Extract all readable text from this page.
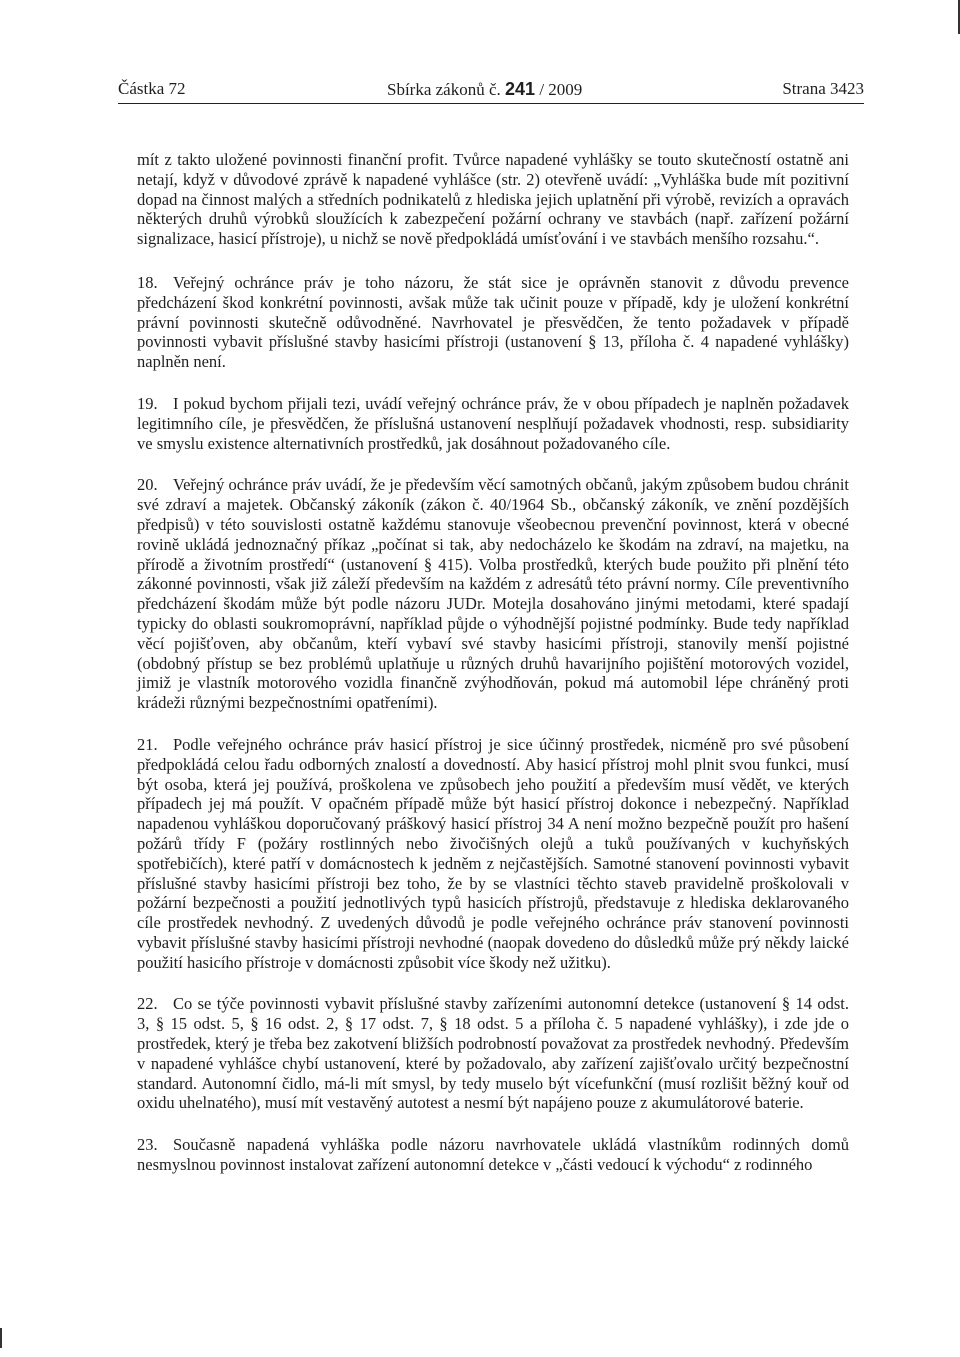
Částka 72	Sbírka zákonů č. 241 / 2009	Strana 3423

mít z takto uložené povinnosti finanční profit. Tvůrce napadené vyhlášky se touto skutečností ostatně ani netají, když v důvodové zprávě k napadené vyhlášce (str. 2) otevřeně uvádí: „Vyhláška bude mít pozitivní dopad na činnost malých a středních podnikatelů z hlediska jejich uplatnění při výrobě, revizích a opravách některých druhů výrobků sloužících k zabezpečení požární ochrany ve stavbách (např. zařízení požární signalizace, hasicí přístroje), u nichž se nově předpokládá umísťování i ve stavbách menšího rozsahu.“.

18. Veřejný ochránce práv je toho názoru, že stát sice je oprávněn stanovit z důvodu prevence předcházení škod konkrétní povinnosti, avšak může tak učinit pouze v případě, kdy je uložení konkrétní právní povinnosti skutečně odůvodněné. Navrhovatel je přesvědčen, že tento požadavek v případě povinnosti vybavit příslušné stavby hasicími přístroji (ustanovení § 13, příloha č. 4 napadené vyhlášky) naplněn není.

19. I pokud bychom přijali tezi, uvádí veřejný ochránce práv, že v obou případech je naplněn požadavek legitimního cíle, je přesvědčen, že příslušná ustanovení nesplňují požadavek vhodnosti, resp. subsidiarity ve smyslu existence alternativních prostředků, jak dosáhnout požadovaného cíle.

20. Veřejný ochránce práv uvádí, že je především věcí samotných občanů, jakým způsobem budou chránit své zdraví a majetek. Občanský zákoník (zákon č. 40/1964 Sb., občanský zákoník, ve znění pozdějších předpisů) v této souvislosti ostatně každému stanovuje všeobecnou prevenční povinnost, která v obecné rovině ukládá jednoznačný příkaz „počínat si tak, aby nedocházelo ke škodám na zdraví, na majetku, na přírodě a životním prostředí“ (ustanovení § 415). Volba prostředků, kterých bude použito při plnění této zákonné povinnosti, však již záleží především na každém z adresátů této právní normy. Cíle preventivního předcházení škodám může být podle názoru JUDr. Motejla dosahováno jinými metodami, které spadají typicky do oblasti soukromoprávní, například půjde o výhodnější pojistné podmínky. Bude tedy například věcí pojišťoven, aby občanům, kteří vybaví své stavby hasicími přístroji, stanovily menší pojistné (obdobný přístup se bez problémů uplatňuje u různých druhů havarijního pojištění motorových vozidel, jimiž je vlastník motorového vozidla finančně zvýhodňován, pokud má automobil lépe chráněný proti krádeži různými bezpečnostními opatřeními).

21. Podle veřejného ochránce práv hasicí přístroj je sice účinný prostředek, nicméně pro své působení předpokládá celou řadu odborných znalostí a dovedností. Aby hasicí přístroj mohl plnit svou funkci, musí být osoba, která jej používá, proškolena ve způsobech jeho použití a především musí vědět, ve kterých případech jej má použít. V opačném případě může být hasicí přístroj dokonce i nebezpečný. Například napadenou vyhláškou doporučovaný práškový hasicí přístroj 34 A není možno bezpečně použít pro hašení požárů třídy F (požáry rostlinných nebo živočišných olejů a tuků používaných v kuchyňských spotřebičích), které patří v domácnostech k jedněm z nejčastějších. Samotné stanovení povinnosti vybavit příslušné stavby hasicími přístroji bez toho, že by se vlastníci těchto staveb pravidelně proškolovali v požární bezpečnosti a použití jednotlivých typů hasicích přístrojů, představuje z hlediska deklarovaného cíle prostředek nevhodný. Z uvedených důvodů je podle veřejného ochránce práv stanovení povinnosti vybavit příslušné stavby hasicími přístroji nevhodné (naopak dovedeno do důsledků může prý někdy laické použití hasicího přístroje v domácnosti způsobit více škody než užitku).

22. Co se týče povinnosti vybavit příslušné stavby zařízeními autonomní detekce (ustanovení § 14 odst. 3, § 15 odst. 5, § 16 odst. 2, § 17 odst. 7, § 18 odst. 5 a příloha č. 5 napadené vyhlášky), i zde jde o prostředek, který je třeba bez zakotvení bližších podrobností považovat za prostředek nevhodný. Především v napadené vyhlášce chybí ustanovení, které by požadovalo, aby zařízení zajišťovalo určitý bezpečnostní standard. Autonomní čidlo, má-li mít smysl, by tedy muselo být vícefunkční (musí rozlišit běžný kouř od oxidu uhelnatého), musí mít vestavěný autotest a nesmí být napájeno pouze z akumulátorové baterie.

23. Současně napadená vyhláška podle názoru navrhovatele ukládá vlastníkům rodinných domů nesmyslnou povinnost instalovat zařízení autonomní detekce v „části vedoucí k východu“ z rodinného
